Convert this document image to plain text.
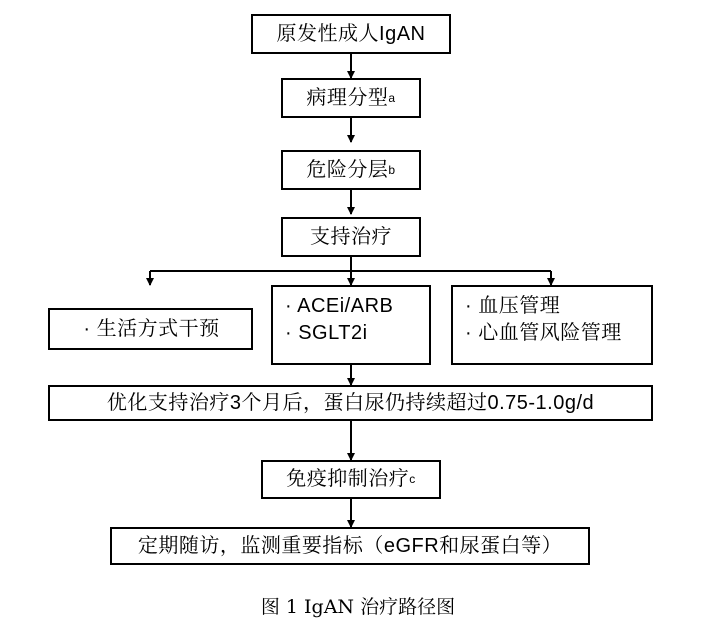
原发性成人IgAN
病理分型 a
危险分层 b
支持治疗
· 生活方式干预
· ACEi/ARB
· SGLT2i
· 血压管理
· 心血管风险管理
优化支持治疗3个月后，蛋白尿仍持续超过0.75-1.0g/d
免疫抑制治疗 c
定期随访，监测重要指标（eGFR和尿蛋白等）
图 1 IgAN 治疗路径图
